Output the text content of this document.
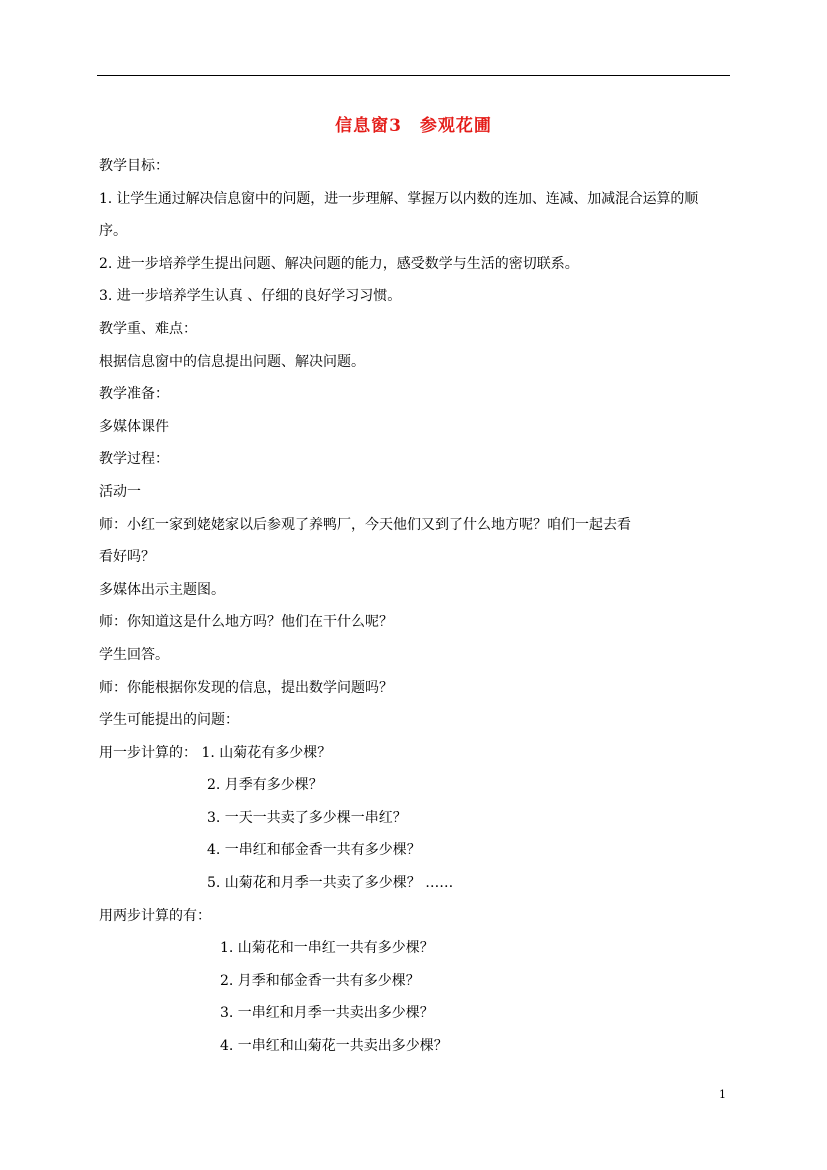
信息窗3　参观花圃

教学目标：

1. 让学生通过解决信息窗中的问题，进一步理解、掌握万以内数的连加、连减、加减混合运算的顺

序。

2. 进一步培养学生提出问题、解决问题的能力，感受数学与生活的密切联系。

3. 进一步培养学生认真 、仔细的良好学习习惯。

教学重、难点：

根据信息窗中的信息提出问题、解决问题。

教学准备：

多媒体课件

教学过程：

活动一

师：小红一家到姥姥家以后参观了养鸭厂，今天他们又到了什么地方呢？咱们一起去看

看好吗？

多媒体出示主题图。

师：你知道这是什么地方吗？他们在干什么呢？

学生回答。

师：你能根据你发现的信息，提出数学问题吗？

学生可能提出的问题：

用一步计算的： 1. 山菊花有多少棵？

2. 月季有多少棵？

3. 一天一共卖了多少棵一串红？

4. 一串红和郁金香一共有多少棵？

5. 山菊花和月季一共卖了多少棵？ ……

用两步计算的有：

1. 山菊花和一串红一共有多少棵？

2. 月季和郁金香一共有多少棵？

3. 一串红和月季一共卖出多少棵？

4. 一串红和山菊花一共卖出多少棵？

1
